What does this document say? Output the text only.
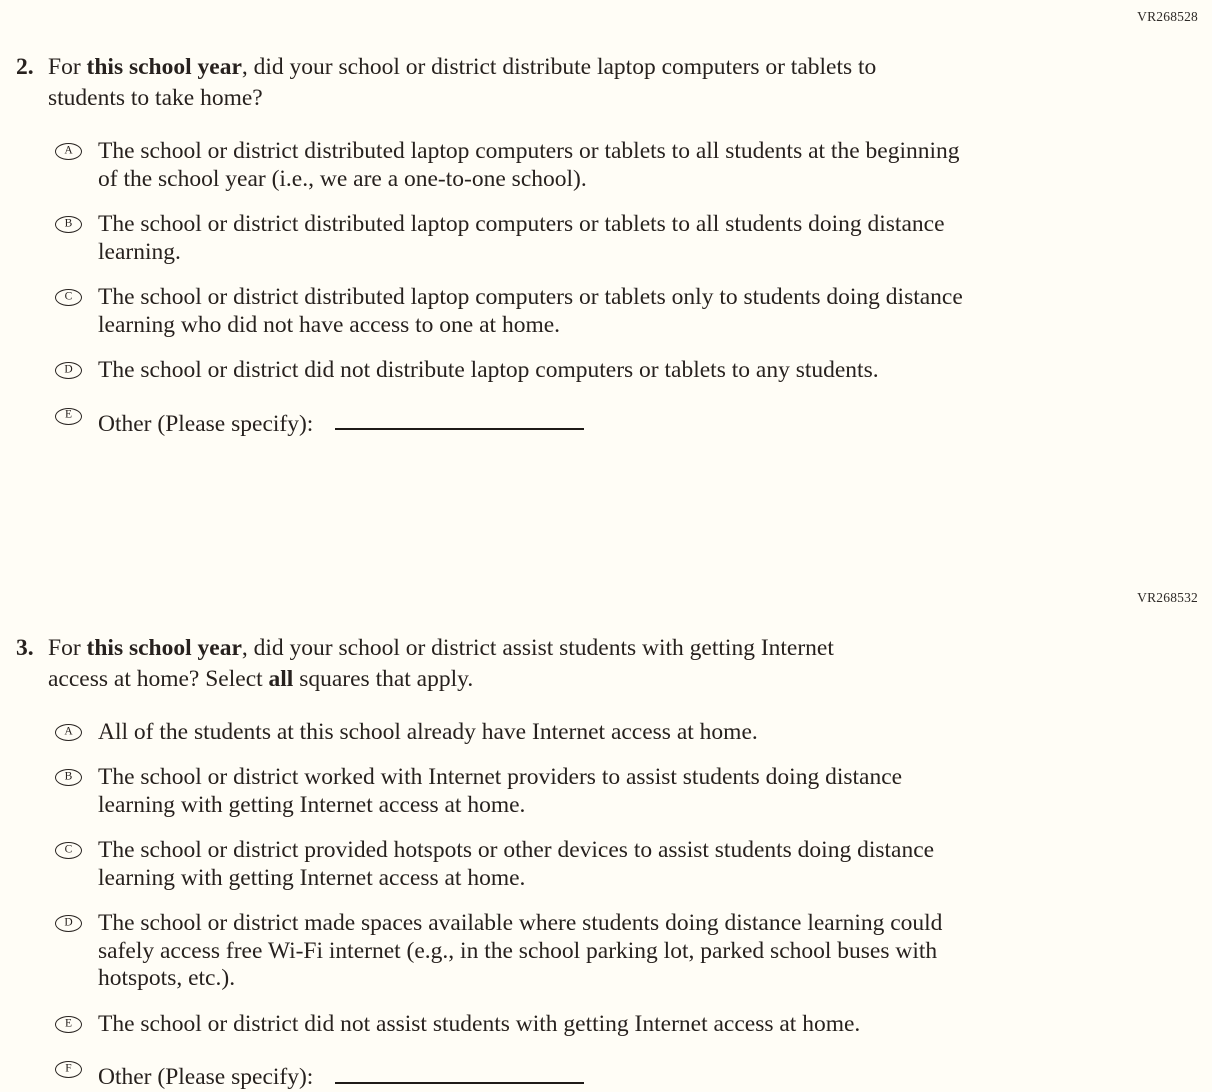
VR268528
2. For this school year, did your school or district distribute laptop computers or tablets to
students to take home?
A The school or district distributed laptop computers or tablets to all students at the beginning
of the school year (i.e., we are a one-to-one school).
B The school or district distributed laptop computers or tablets to all students doing distance
learning.
C The school or district distributed laptop computers or tablets only to students doing distance
learning who did not have access to one at home.
D The school or district did not distribute laptop computers or tablets to any students.
E Other (Please specify):
VR268532
3. For this school year, did your school or district assist students with getting Internet
access at home? Select all squares that apply.
A All of the students at this school already have Internet access at home.
B The school or district worked with Internet providers to assist students doing distance
learning with getting Internet access at home.
C The school or district provided hotspots or other devices to assist students doing distance
learning with getting Internet access at home.
D The school or district made spaces available where students doing distance learning could
safely access free Wi-Fi internet (e.g., in the school parking lot, parked school buses with
hotspots, etc.).
E The school or district did not assist students with getting Internet access at home.
F Other (Please specify):
